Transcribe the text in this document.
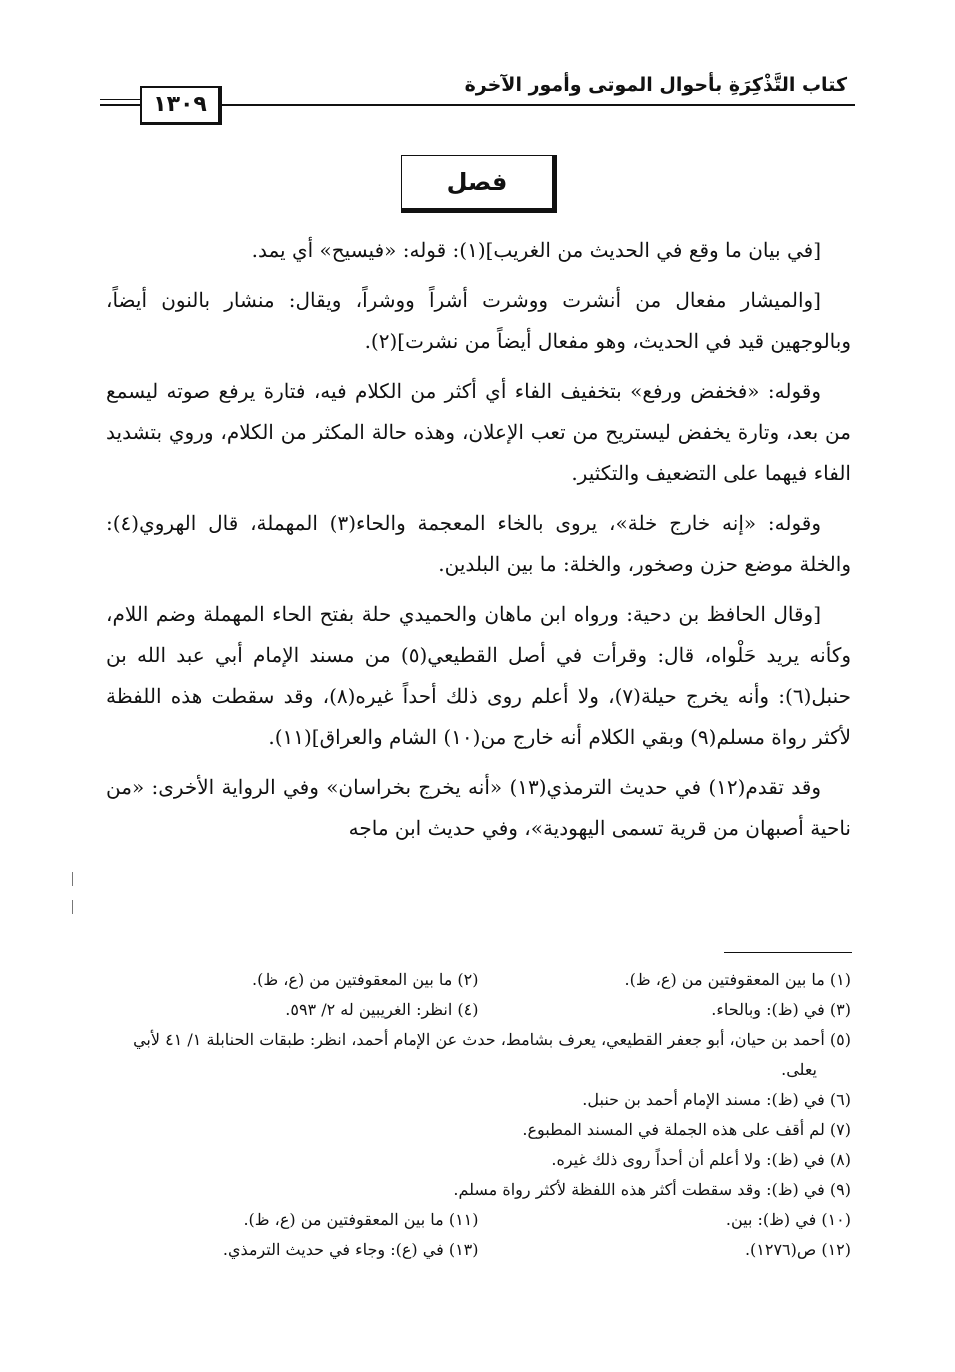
كتاب التَّذْكِرَةِ بأحوال الموتى وأمور الآخرة
١٣٠٩
فصل

[في بيان ما وقع في الحديث من الغريب](١): قوله: «فيسيح» أي يمد.

[والميشار مفعال من أنشرت ووشرت أشراً ووشراً، ويقال: منشار بالنون أيضاً، وبالوجهين قيد في الحديث، وهو مفعال أيضاً من نشرت](٢).

وقوله: «فخفض ورفع» بتخفيف الفاء أي أكثر من الكلام فيه، فتارة يرفع صوته ليسمع من بعد، وتارة يخفض ليستريح من تعب الإعلان، وهذه حالة المكثر من الكلام، وروي بتشديد الفاء فيهما على التضعيف والتكثير.

وقوله: «إنه خارج خلة»، يروى بالخاء المعجمة والحاء(٣) المهملة، قال الهروي(٤): والخلة موضع حزن وصخور، والخلة: ما بين البلدين.

[وقال الحافظ بن دحية: ورواه ابن ماهان والحميدي حلة بفتح الحاء المهملة وضم اللام، وكأنه يريد حَلْواه، قال: وقرأت في أصل القطيعي(٥) من مسند الإمام أبي عبد الله بن حنبل(٦): وأنه يخرج حيلة(٧)، ولا أعلم روى ذلك أحداً غيره(٨)، وقد سقطت هذه اللفظة لأكثر رواة مسلم(٩) وبقي الكلام أنه خارج من(١٠) الشام والعراق](١١).

وقد تقدم(١٢) في حديث الترمذي(١٣) «أنه يخرج بخراسان» وفي الرواية الأخرى: «من ناحية أصبهان من قرية تسمى اليهودية»، وفي حديث ابن ماجه

(١) ما بين المعقوفتين من (ع، ظ).
(٢) ما بين المعقوفتين من (ع، ظ).
(٣) في (ظ): وبالحاء.
(٤) انظر: الغريبين له ٢/ ٥٩٣.
(٥) أحمد بن حيان، أبو جعفر القطيعي، يعرف بشامط، حدث عن الإمام أحمد، انظر: طبقات الحنابلة ١/ ٤١ لأبي يعلى.
(٦) في (ظ): مسند الإمام أحمد بن حنبل.
(٧) لم أقف على هذه الجملة في المسند المطبوع.
(٨) في (ظ): ولا أعلم أن أحداً روى ذلك غيره.
(٩) في (ظ): وقد سقطت أكثر هذه اللفظة لأكثر رواة مسلم.
(١٠) في (ظ): بين.
(١١) ما بين المعقوفتين من (ع، ظ).
(١٢) ص(١٢٧٦).
(١٣) في (ع): وجاء في حديث الترمذي.
